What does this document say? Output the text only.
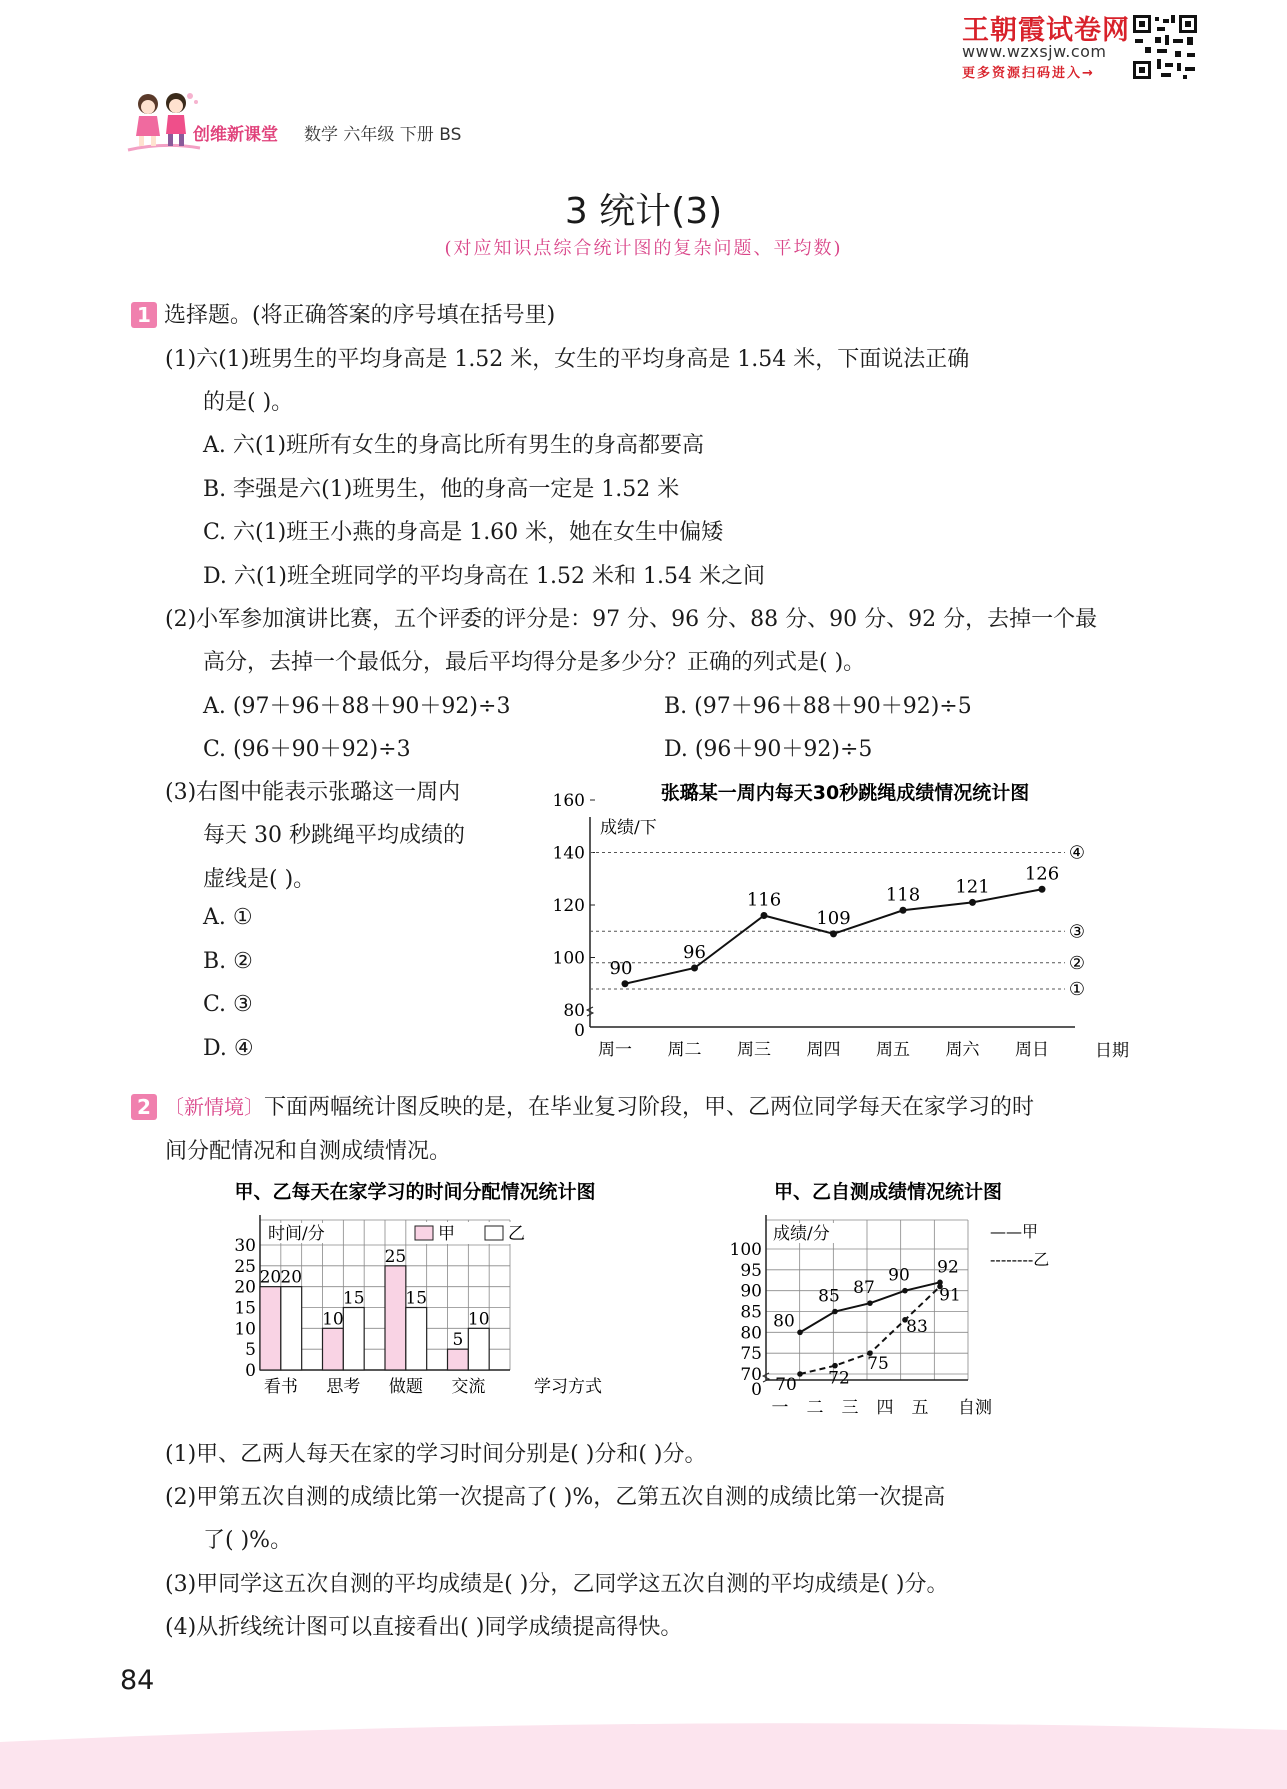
王朝霞试卷网
www.wzxsjw.com
更多资源扫码进入→
创维新课堂 数学 六年级 下册 BS
3 统计(3)
(对应知识点综合统计图的复杂问题、平均数)
1 选择题。(将正确答案的序号填在括号里)
(1)六(1)班男生的平均身高是 1.52 米，女生的平均身高是 1.54 米，下面说法正确
的是( )。
A. 六(1)班所有女生的身高比所有男生的身高都要高
B. 李强是六(1)班男生，他的身高一定是 1.52 米
C. 六(1)班王小燕的身高是 1.60 米，她在女生中偏矮
D. 六(1)班全班同学的平均身高在 1.52 米和 1.54 米之间
(2)小军参加演讲比赛，五个评委的评分是：97 分、96 分、88 分、90 分、92 分，去掉一个最
高分，去掉一个最低分，最后平均得分是多少分？正确的列式是( )。
A. (97＋96＋88＋90＋92)÷3	B. (97＋96＋88＋90＋92)÷5
C. (96＋90＋92)÷3	D. (96＋90＋92)÷5
(3)右图中能表示张璐这一周内
每天 30 秒跳绳平均成绩的
虚线是( )。
A. ①
B. ②
C. ③
D. ④
张璐某一周内每天30秒跳绳成绩情况统计图
成绩/下
0
80
100
120
140
160
①
②
③
④
90
周一
96
周二
116
周三
109
周四
118
周五
121
周六
126
周日	日期
2 〔新情境〕下面两幅统计图反映的是，在毕业复习阶段，甲、乙两位同学每天在家学习的时
间分配情况和自测成绩情况。
甲、乙每天在家学习的时间分配情况统计图
0
5
10
15
20
25
30
时间/分	甲	乙
20 20
看书
10
15
思考
25
15
做题
5
10
交流	学习方式
甲、乙自测成绩情况统计图
0
70
75
80
85
90
95
100
成绩/分	——甲
--------乙
80
85 87
90 92
70 72
75
83
91
一 二 三 四 五 自测
(1)甲、乙两人每天在家的学习时间分别是( )分和( )分。
(2)甲第五次自测的成绩比第一次提高了( )%，乙第五次自测的成绩比第一次提高
了( )%。
(3)甲同学这五次自测的平均成绩是( )分，乙同学这五次自测的平均成绩是( )分。
(4)从折线统计图可以直接看出( )同学成绩提高得快。
84
